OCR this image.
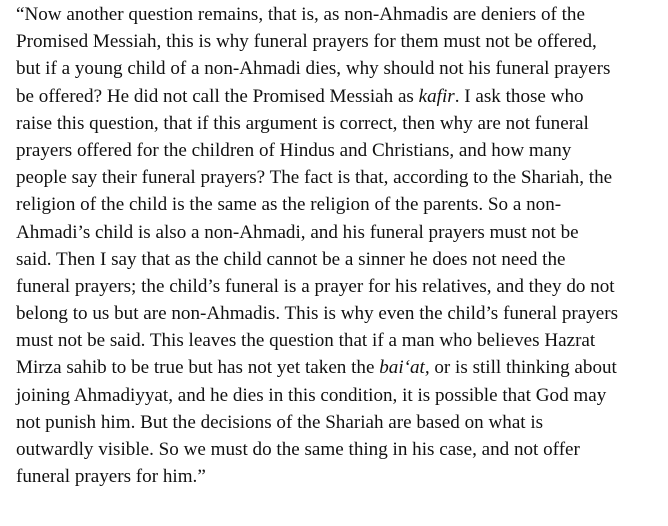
“Now another question remains, that is, as non-Ahmadis are deniers of the
Promised Messiah, this is why funeral prayers for them must not be offered,
but if a young child of a non-Ahmadi dies, why should not his funeral prayers
be offered? He did not call the Promised Messiah as kafir. I ask those who
raise this question, that if this argument is correct, then why are not funeral
prayers offered for the children of Hindus and Christians, and how many
people say their funeral prayers? The fact is that, according to the Shariah, the
religion of the child is the same as the religion of the parents. So a non-
Ahmadi’s child is also a non-Ahmadi, and his funeral prayers must not be
said. Then I say that as the child cannot be a sinner he does not need the
funeral prayers; the child’s funeral is a prayer for his relatives, and they do not
belong to us but are non-Ahmadis. This is why even the child’s funeral prayers
must not be said. This leaves the question that if a man who believes Hazrat
Mirza sahib to be true but has not yet taken the bai‘at, or is still thinking about
joining Ahmadiyyat, and he dies in this condition, it is possible that God may
not punish him. But the decisions of the Shariah are based on what is
outwardly visible. So we must do the same thing in his case, and not offer
funeral prayers for him.”
